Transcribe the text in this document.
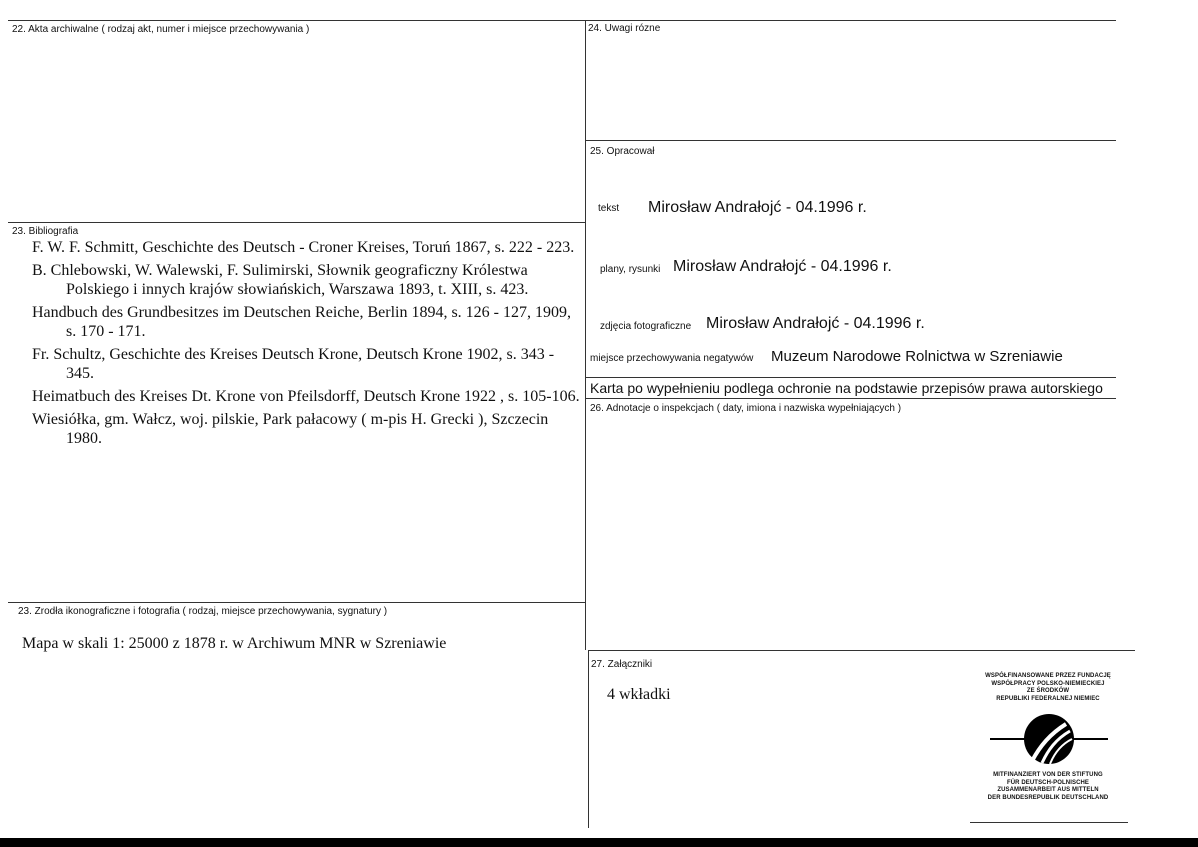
22. Akta archiwalne ( rodzaj akt, numer i miejsce przechowywania )
23. Bibliografia

F. W. F. Schmitt, Geschichte des Deutsch - Croner Kreises, Toruń 1867, s. 222 - 223.

B. Chlebowski, W. Walewski, F. Sulimirski, Słownik geograficzny Królestwa Polskiego i innych krajów słowiańskich, Warszawa 1893, t. XIII, s. 423.

Handbuch des Grundbesitzes im Deutschen Reiche, Berlin 1894, s. 126 - 127, 1909, s. 170 - 171.

Fr. Schultz, Geschichte des Kreises Deutsch Krone, Deutsch Krone 1902, s. 343 - 345.

Heimatbuch des Kreises Dt. Krone von Pfeilsdorff, Deutsch Krone 1922 , s. 105-106.

Wiesiółka, gm. Wałcz, woj. pilskie, Park pałacowy ( m-pis H. Grecki ), Szczecin 1980.

23. Zrodła ikonograficzne i fotografia ( rodzaj, miejsce przechowywania, sygnatury )
Mapa w skali 1: 25000 z 1878 r. w Archiwum MNR w Szreniawie
24. Uwagi rózne
25. Opracował
tekst Mirosław Andrałojć - 04.1996 r.
plany, rysunki Mirosław Andrałojć - 04.1996 r.
zdjęcia fotograficzne Mirosław Andrałojć - 04.1996 r.
miejsce przechowywania negatywów Muzeum Narodowe Rolnictwa w Szreniawie
Karta po wypełnieniu podlega ochronie na podstawie przepisów prawa autorskiego
26. Adnotacje o inspekcjach ( daty, imiona i nazwiska wypełniających )
27. Załączniki
4 wkładki
WSPÓŁFINANSOWANE PRZEZ FUNDACJĘ
WSPÓŁPRACY POLSKO-NIEMIECKIEJ
ZE ŚRODKÓW
REPUBLIKI FEDERALNEJ NIEMIEC
MITFINANZIERT VON DER STIFTUNG
FÜR DEUTSCH-POLNISCHE
ZUSAMMENARBEIT AUS MITTELN
DER BUNDESREPUBLIK DEUTSCHLAND
